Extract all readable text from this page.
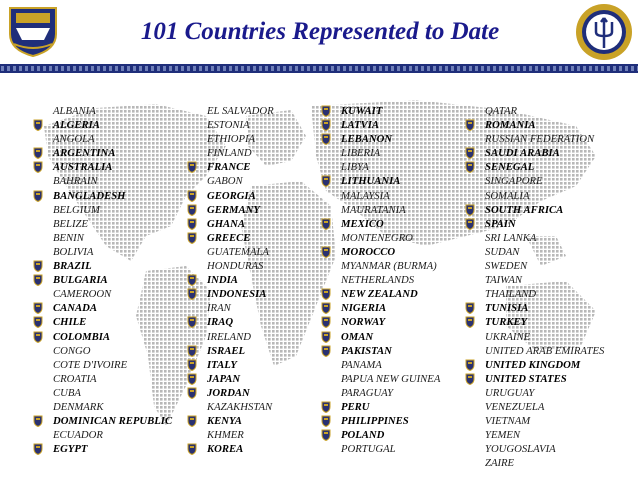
101 Countries Represented to Date
ALBANIA
ALGERIA
ANGOLA
ARGENTINA
AUSTRALIA
BAHRAIN
BANGLADESH
BELGIUM
BELIZE
BENIN
BOLIVIA
BRAZIL
BULGARIA
CAMEROON
CANADA
CHILE
COLOMBIA
CONGO
COTE D'IVOIRE
CROATIA
CUBA
DENMARK
DOMINICAN REPUBLIC
ECUADOR
EGYPT
EL SALVADOR
ESTONIA
ETHIOPIA
FINLAND
FRANCE
GABON
GEORGIA
GERMANY
GHANA
GREECE
GUATEMALA
HONDURAS
INDIA
INDONESIA
IRAN
IRAQ
IRELAND
ISRAEL
ITALY
JAPAN
JORDAN
KAZAKHSTAN
KENYA
KHMER
KOREA
KUWAIT
LATVIA
LEBANON
LIBERIA
LIBYA
LITHUANIA
MALAYSIA
MAURATANIA
MEXICO
MONTENEGRO
MOROCCO
MYANMAR (BURMA)
NETHERLANDS
NEW ZEALAND
NIGERIA
NORWAY
OMAN
PAKISTAN
PANAMA
PAPUA NEW GUINEA
PARAGUAY
PERU
PHILIPPINES
POLAND
PORTUGAL
QATAR
ROMANIA
RUSSIAN FEDERATION
SAUDI ARABIA
SENEGAL
SINGAPORE
SOMALIA
SOUTH AFRICA
SPAIN
SRI LANKA
SUDAN
SWEDEN
TAIWAN
THAILAND
TUNISIA
TURKEY
UKRAINE
UNITED ARAB EMIRATES
UNITED KINGDOM
UNITED STATES
URUGUAY
VENEZUELA
VIETNAM
YEMEN
YOUGOSLAVIA
ZAIRE
